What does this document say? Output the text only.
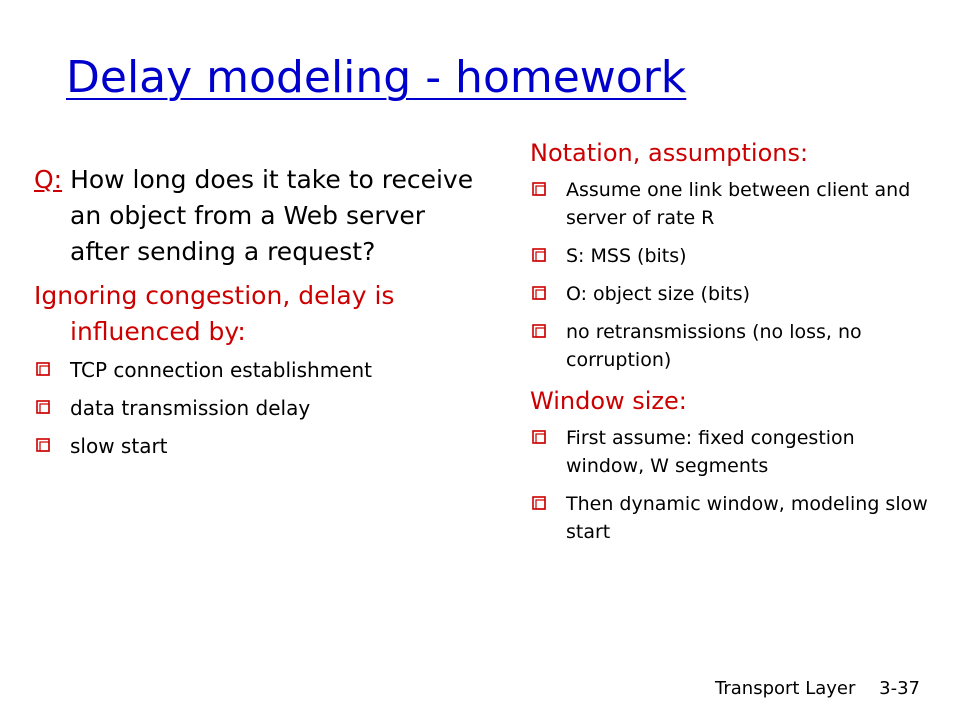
Delay modeling - homework
Q: How long does it take to receive an object from a Web server after sending a request?
Ignoring congestion, delay is influenced by:
TCP connection establishment
data transmission delay
slow start
Notation, assumptions:
Assume one link between client and server of rate R
S: MSS (bits)
O: object size (bits)
no retransmissions (no loss, no corruption)
Window size:
First assume: fixed congestion window, W segments
Then dynamic window, modeling slow start
Transport Layer 3-37
